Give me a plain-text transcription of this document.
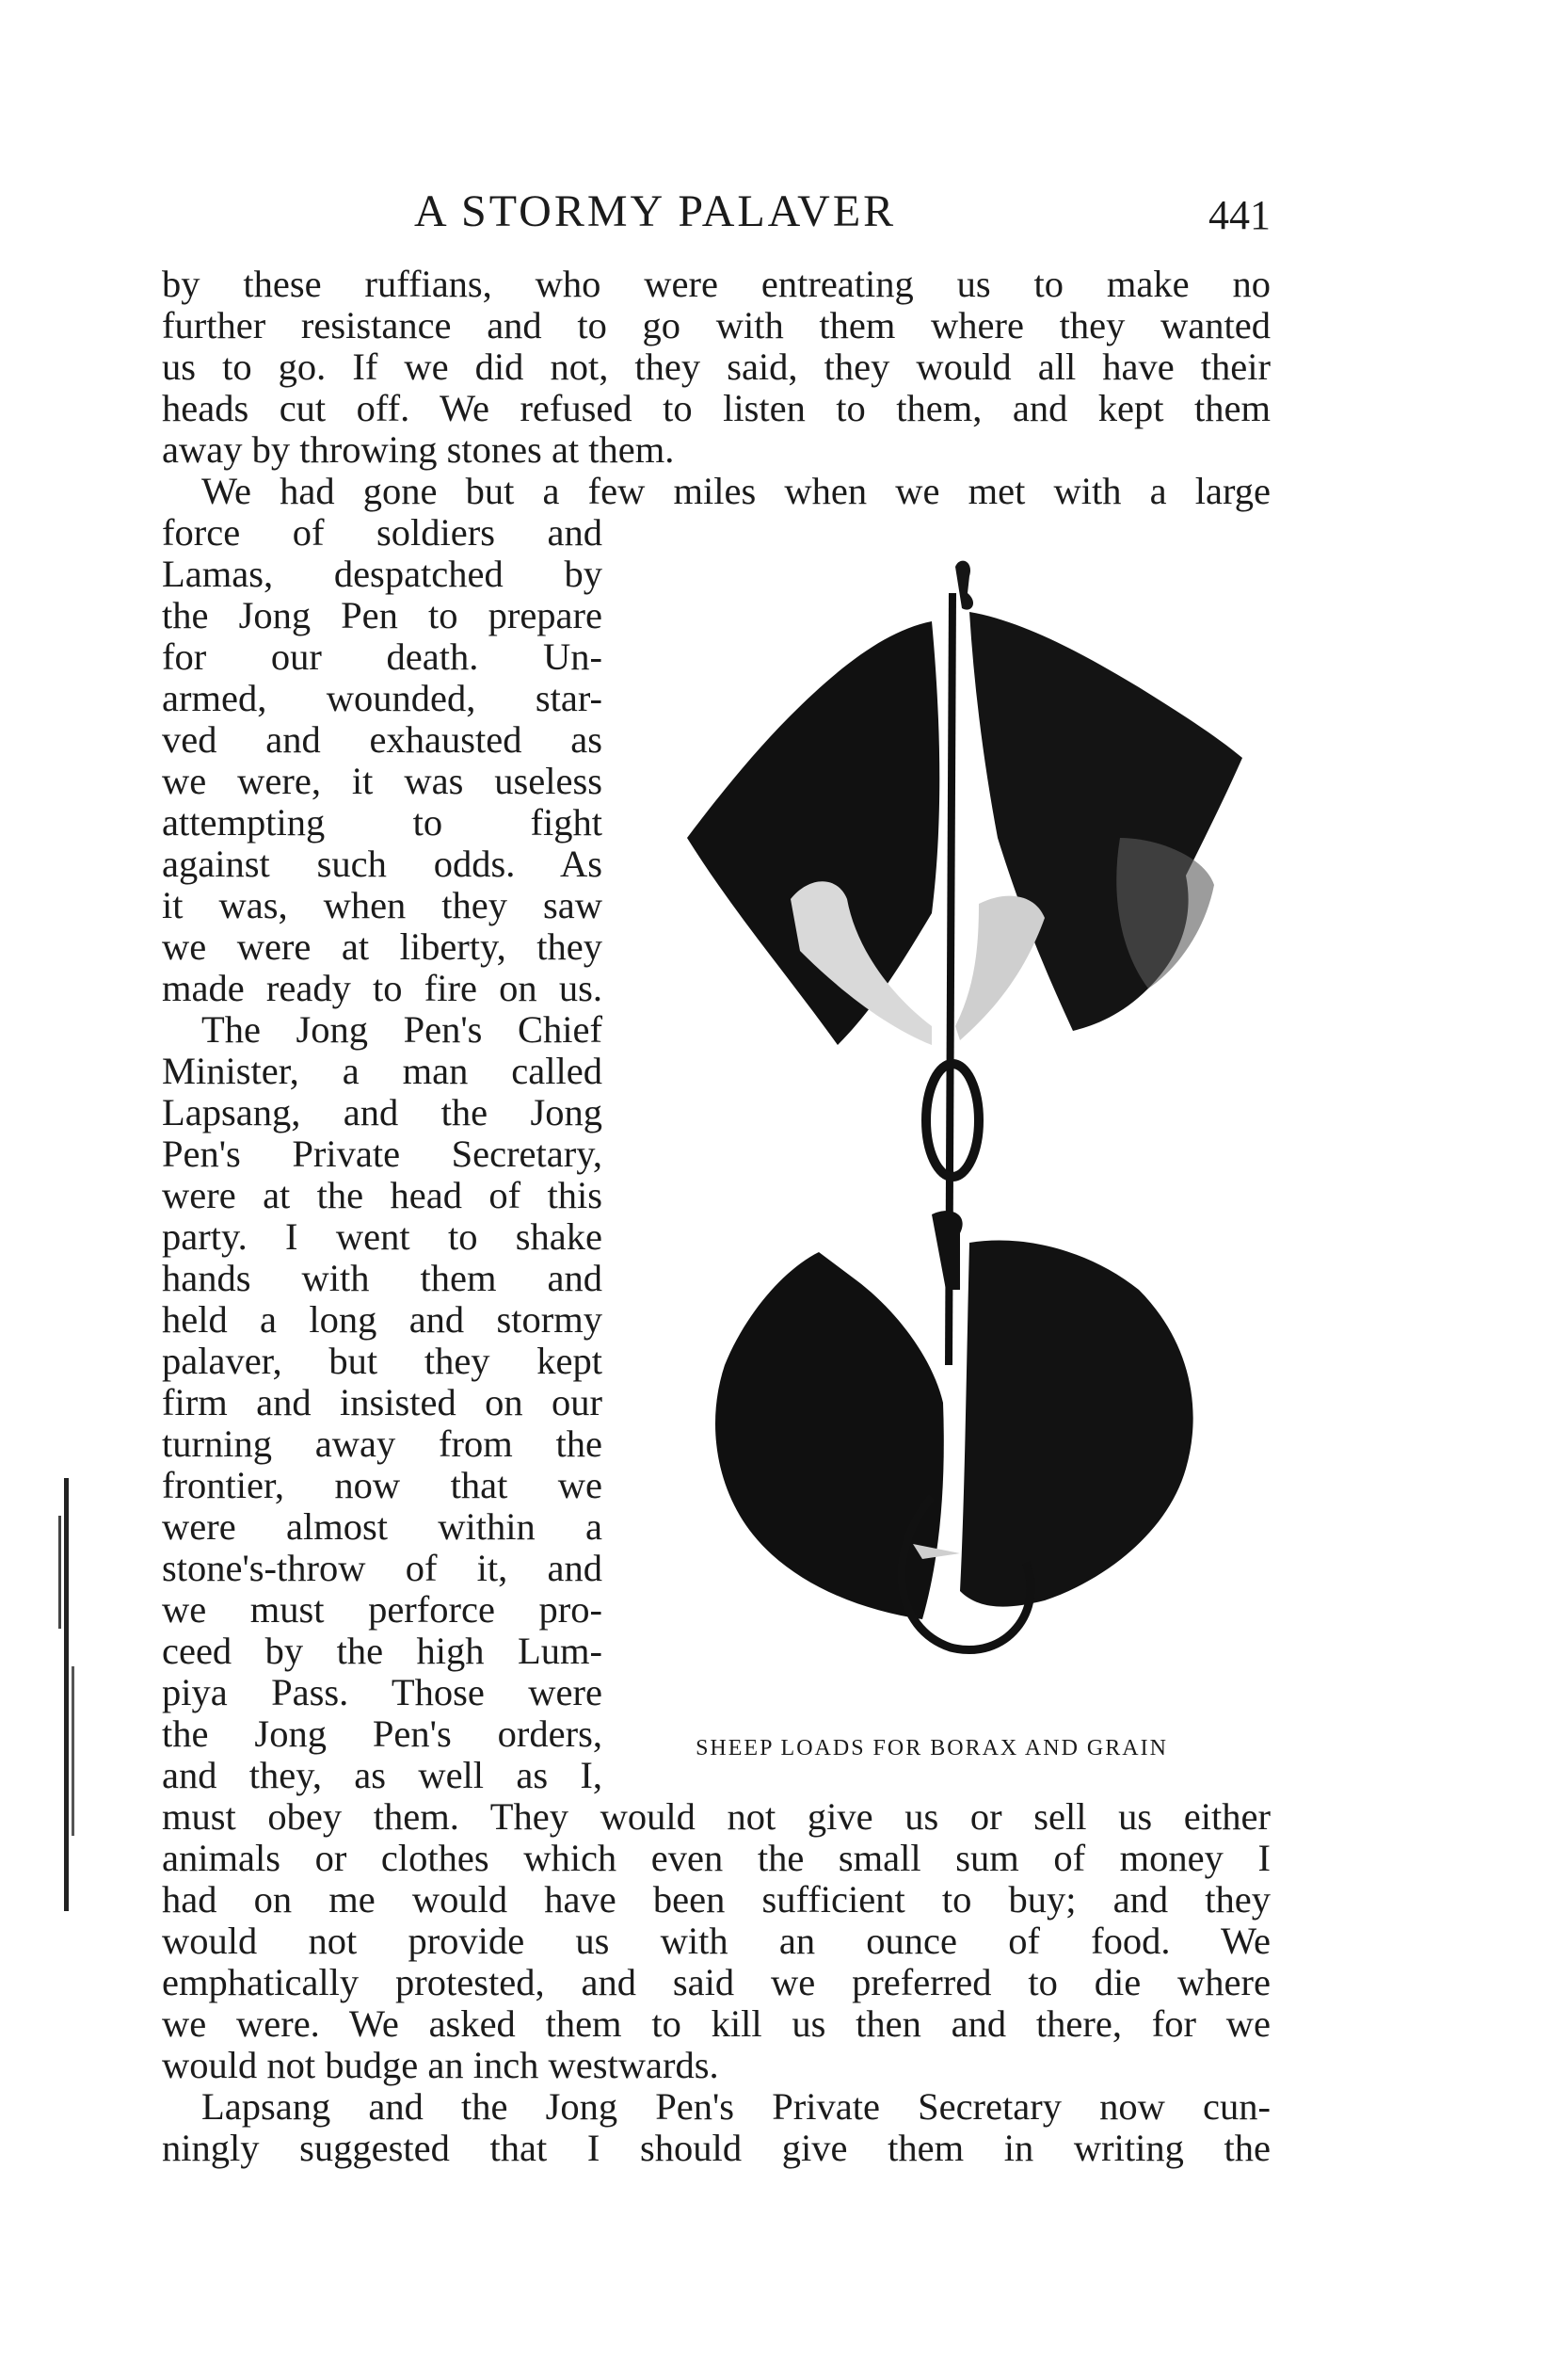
A STORMY PALAVER	441
by these ruffians, who were entreating us to make no
further resistance and to go with them where they wanted
us to go. If we did not, they said, they would all have their
heads cut off. We refused to listen to them, and kept them
away by throwing stones at them.
We had gone but a few miles when we met with a large
force of soldiers and
Lamas, despatched by
the Jong Pen to prepare
for our death. Un-
armed, wounded, star-
ved and exhausted as
we were, it was useless
attempting to fight
against such odds. As
it was, when they saw
we were at liberty, they
made ready to fire on us.
The Jong Pen's Chief
Minister, a man called
Lapsang, and the Jong
Pen's Private Secretary,
were at the head of this
party. I went to shake
hands with them and
held a long and stormy
palaver, but they kept
firm and insisted on our
turning away from the
frontier, now that we
were almost within a
stone's-throw of it, and
we must perforce pro-
ceed by the high Lum-
piya Pass. Those were
the Jong Pen's orders,
and they, as well as I,
must obey them. They would not give us or sell us either
animals or clothes which even the small sum of money I
had on me would have been sufficient to buy; and they
would not provide us with an ounce of food. We
emphatically protested, and said we preferred to die where
we were. We asked them to kill us then and there, for we
would not budge an inch westwards.
Lapsang and the Jong Pen's Private Secretary now cun-
ningly suggested that I should give them in writing the
SHEEP LOADS FOR BORAX AND GRAIN
